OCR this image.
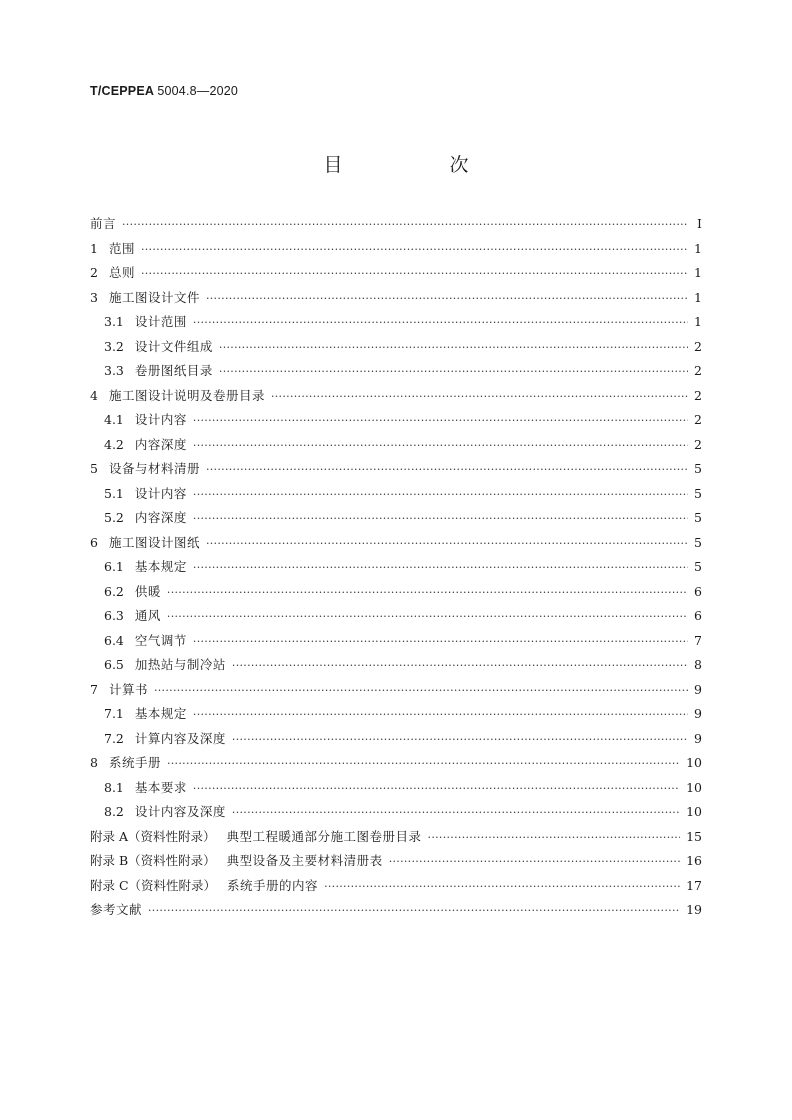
T/CEPPEA 5004.8—2020
目　次
前言 ·····	I
1 范围 ·····	1
2 总则 ·····	1
3 施工图设计文件 ·····	1
3.1 设计范围 ·····	1
3.2 设计文件组成 ·····	2
3.3 卷册图纸目录 ·····	2
4 施工图设计说明及卷册目录 ·····	2
4.1 设计内容 ·····	2
4.2 内容深度 ·····	2
5 设备与材料清册 ·····	5
5.1 设计内容 ·····	5
5.2 内容深度 ·····	5
6 施工图设计图纸 ·····	5
6.1 基本规定 ·····	5
6.2 供暖 ·····	6
6.3 通风 ·····	6
6.4 空气调节 ·····	7
6.5 加热站与制冷站 ·····	8
7 计算书 ·····	9
7.1 基本规定 ·····	9
7.2 计算内容及深度 ·····	9
8 系统手册 ·····	10
8.1 基本要求 ·····	10
8.2 设计内容及深度 ·····	10
附录 A（资料性附录） 典型工程暖通部分施工图卷册目录 ·····	15
附录 B（资料性附录） 典型设备及主要材料清册表 ·····	16
附录 C（资料性附录） 系统手册的内容 ·····	17
参考文献 ·····	19
